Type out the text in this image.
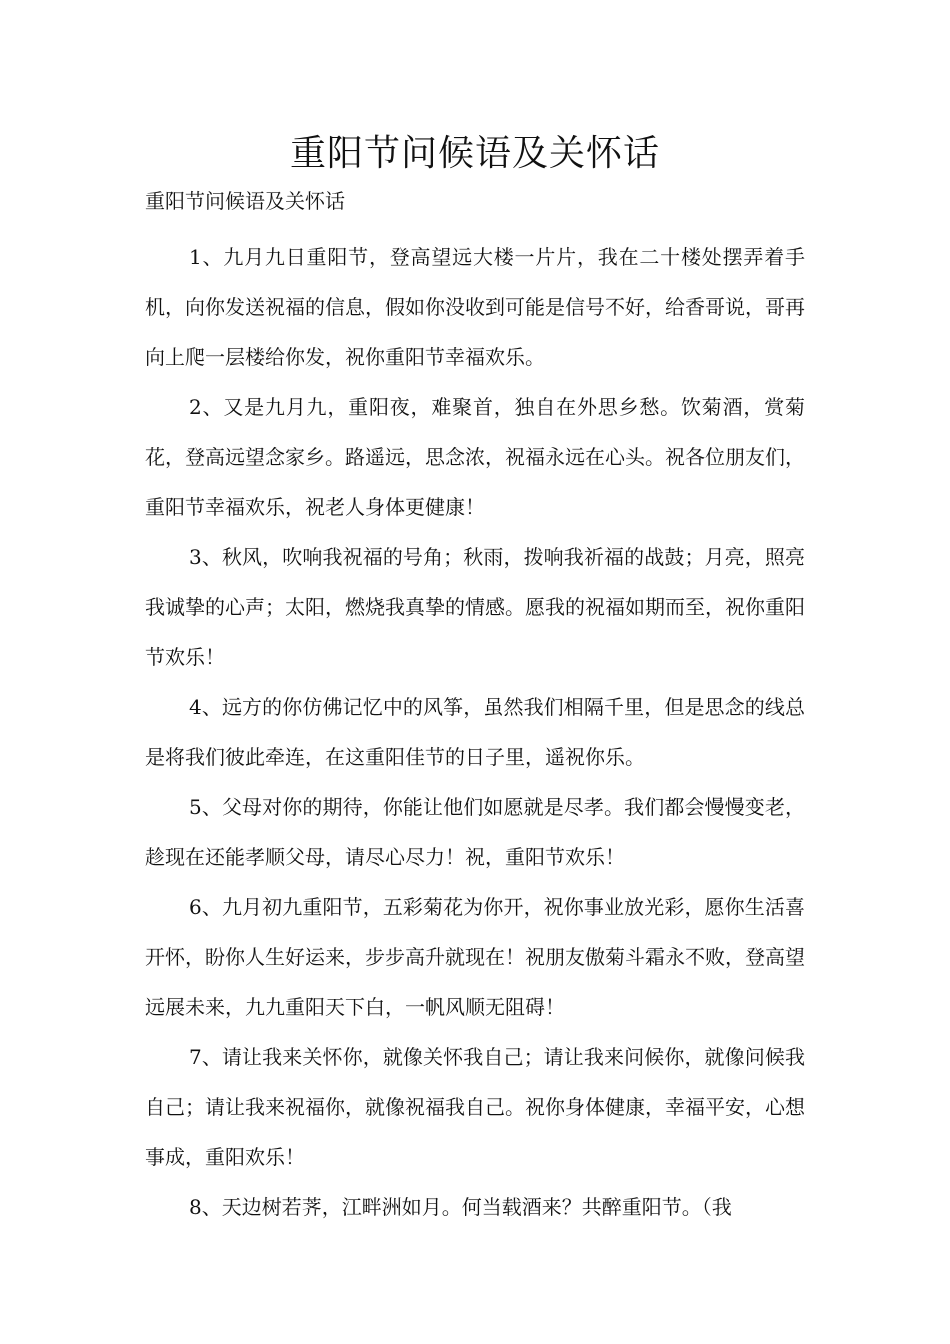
重阳节问候语及关怀话

重阳节问候语及关怀话

1、九月九日重阳节，登高望远大楼一片片，我在二十楼处摆弄着手机，向你发送祝福的信息，假如你没收到可能是信号不好，给香哥说，哥再向上爬一层楼给你发，祝你重阳节幸福欢乐。

2、又是九月九，重阳夜，难聚首，独自在外思乡愁。饮菊酒，赏菊花，登高远望念家乡。路遥远，思念浓，祝福永远在心头。祝各位朋友们，重阳节幸福欢乐，祝老人身体更健康！

3、秋风，吹响我祝福的号角；秋雨，拨响我祈福的战鼓；月亮，照亮我诚挚的心声；太阳，燃烧我真挚的情感。愿我的祝福如期而至，祝你重阳节欢乐！

4、远方的你仿佛记忆中的风筝，虽然我们相隔千里，但是思念的线总是将我们彼此牵连，在这重阳佳节的日子里，遥祝你乐。

5、父母对你的期待，你能让他们如愿就是尽孝。我们都会慢慢变老，趁现在还能孝顺父母，请尽心尽力！祝，重阳节欢乐！

6、九月初九重阳节，五彩菊花为你开，祝你事业放光彩，愿你生活喜开怀，盼你人生好运来，步步高升就现在！祝朋友傲菊斗霜永不败，登高望远展未来，九九重阳天下白，一帆风顺无阻碍！

7、请让我来关怀你，就像关怀我自己；请让我来问候你，就像问候我自己；请让我来祝福你，就像祝福我自己。祝你身体健康，幸福平安，心想事成，重阳欢乐！

8、天边树若荠，江畔洲如月。何当载酒来？共醉重阳节。（我
